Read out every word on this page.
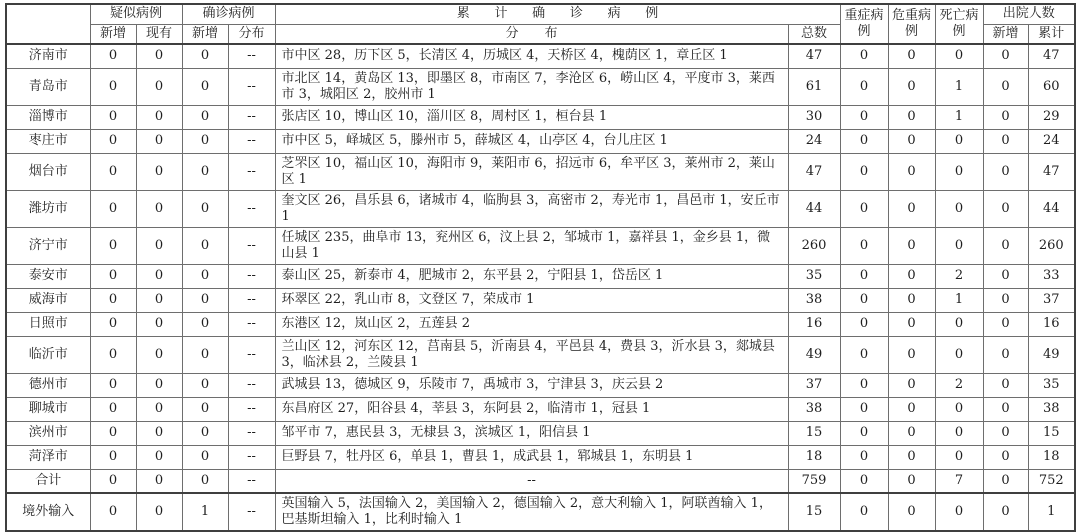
	疑似病例		确诊病例		累计确诊病例		重症病例	危重病例	死亡病例	出院人数	
	新增	现有	新增	分布	分布	总数				新增	累计
济南市	0	0	0	--	市中区 28，历下区 5，长清区 4，历城区 4，天桥区 4，槐荫区 1，章丘区 1	47	0	0	0	0	47
青岛市	0	0	0	--	市北区 14，黄岛区 13，即墨区 8，市南区 7，李沧区 6，崂山区 4，平度市 3，莱西市 3，城阳区 2，胶州市 1	61	0	0	1	0	60
淄博市	0	0	0	--	张店区 10，博山区 10，淄川区 8，周村区 1，桓台县 1	30	0	0	1	0	29
枣庄市	0	0	0	--	市中区 5，峄城区 5，滕州市 5，薛城区 4，山亭区 4，台儿庄区 1	24	0	0	0	0	24
烟台市	0	0	0	--	芝罘区 10，福山区 10，海阳市 9，莱阳市 6，招远市 6，牟平区 3，莱州市 2，莱山区 1	47	0	0	0	0	47
潍坊市	0	0	0	--	奎文区 26，昌乐县 6，诸城市 4，临朐县 3，高密市 2，寿光市 1，昌邑市 1，安丘市 1	44	0	0	0	0	44
济宁市	0	0	0	--	任城区 235，曲阜市 13，兖州区 6，汶上县 2，邹城市 1，嘉祥县 1，金乡县 1，微山县 1	260	0	0	0	0	260
泰安市	0	0	0	--	泰山区 25，新泰市 4，肥城市 2，东平县 2，宁阳县 1，岱岳区 1	35	0	0	2	0	33
威海市	0	0	0	--	环翠区 22，乳山市 8，文登区 7，荣成市 1	38	0	0	1	0	37
日照市	0	0	0	--	东港区 12，岚山区 2，五莲县 2	16	0	0	0	0	16
临沂市	0	0	0	--	兰山区 12，河东区 12，莒南县 5，沂南县 4，平邑县 4，费县 3，沂水县 3，郯城县 3，临沭县 2，兰陵县 1	49	0	0	0	0	49
德州市	0	0	0	--	武城县 13，德城区 9，乐陵市 7，禹城市 3，宁津县 3，庆云县 2	37	0	0	2	0	35
聊城市	0	0	0	--	东昌府区 27，阳谷县 4，莘县 3，东阿县 2，临清市 1，冠县 1	38	0	0	0	0	38
滨州市	0	0	0	--	邹平市 7，惠民县 3，无棣县 3，滨城区 1，阳信县 1	15	0	0	0	0	15
菏泽市	0	0	0	--	巨野县 7，牡丹区 6，单县 1，曹县 1，成武县 1，郓城县 1，东明县 1	18	0	0	0	0	18
合计	0	0	0	--	--	759	0	0	7	0	752
境外输入	0	0	1	--	英国输入 5，法国输入 2，美国输入 2，德国输入 2，意大利输入 1，阿联酋输入 1，巴基斯坦输入 1，比利时输入 1	15	0	0	0	0	1
